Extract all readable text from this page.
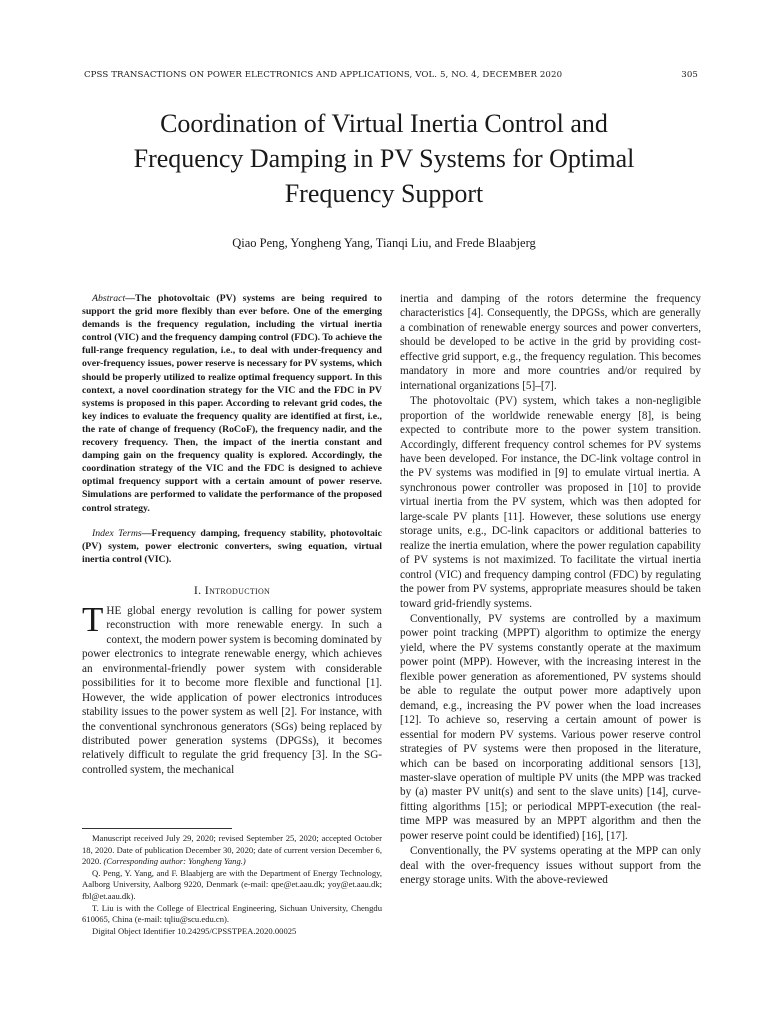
CPSS TRANSACTIONS ON POWER ELECTRONICS AND APPLICATIONS, VOL. 5, NO. 4, DECEMBER 2020	305
Coordination of Virtual Inertia Control and
Frequency Damping in PV Systems for Optimal
Frequency Support
Qiao Peng, Yongheng Yang, Tianqi Liu, and Frede Blaabjerg

Abstract—The photovoltaic (PV) systems are being required to support the grid more flexibly than ever before. One of the emerging demands is the frequency regulation, including the virtual inertia control (VIC) and the frequency damping control (FDC). To achieve the full-range frequency regulation, i.e., to deal with under-frequency and over-frequency issues, power reserve is necessary for PV systems, which should be properly utilized to realize optimal frequency support. In this context, a novel coordination strategy for the VIC and the FDC in PV systems is proposed in this paper. According to relevant grid codes, the key indices to evaluate the frequency quality are identified at first, i.e., the rate of change of frequency (RoCoF), the frequency nadir, and the recovery frequency. Then, the impact of the inertia constant and damping gain on the frequency quality is explored. Accordingly, the coordination strategy of the VIC and the FDC is designed to achieve optimal frequency support with a certain amount of power reserve. Simulations are performed to validate the performance of the proposed control strategy.

Index Terms—Frequency damping, frequency stability, photovoltaic (PV) system, power electronic converters, swing equation, virtual inertia control (VIC).

I. Introduction

THE global energy revolution is calling for power system reconstruction with more renewable energy. In such a context, the modern power system is becoming dominated by power electronics to integrate renewable energy, which achieves an environmental-friendly power system with considerable possibilities for it to become more flexible and functional [1]. However, the wide application of power electronics introduces stability issues to the power system as well [2]. For instance, with the conventional synchronous generators (SGs) being replaced by distributed power generation systems (DPGSs), it becomes relatively difficult to regulate the grid frequency [3]. In the SG-controlled system, the mechanical

Manuscript received July 29, 2020; revised September 25, 2020; accepted October 18, 2020. Date of publication December 30, 2020; date of current version December 6, 2020. (Corresponding author: Yongheng Yang.)

Q. Peng, Y. Yang, and F. Blaabjerg are with the Department of Energy Technology, Aalborg University, Aalborg 9220, Denmark (e-mail: qpe@et.aau.dk; yoy@et.aau.dk; fbl@et.aau.dk).

T. Liu is with the College of Electrical Engineering, Sichuan University, Chengdu 610065, China (e-mail: tqliu@scu.edu.cn).

Digital Object Identifier 10.24295/CPSSTPEA.2020.00025

inertia and damping of the rotors determine the frequency characteristics [4]. Consequently, the DPGSs, which are generally a combination of renewable energy sources and power converters, should be developed to be active in the grid by providing cost-effective grid support, e.g., the frequency regulation. This becomes mandatory in more and more countries and/or required by international organizations [5]–[7].

The photovoltaic (PV) system, which takes a non-negligible proportion of the worldwide renewable energy [8], is being expected to contribute more to the power system transition. Accordingly, different frequency control schemes for PV systems have been developed. For instance, the DC-link voltage control in the PV systems was modified in [9] to emulate virtual inertia. A synchronous power controller was proposed in [10] to provide virtual inertia from the PV system, which was then adopted for large-scale PV plants [11]. However, these solutions use energy storage units, e.g., DC-link capacitors or additional batteries to realize the inertia emulation, where the power regulation capability of PV systems is not maximized. To facilitate the virtual inertia control (VIC) and frequency damping control (FDC) by regulating the power from PV systems, appropriate measures should be taken toward grid-friendly systems.

Conventionally, PV systems are controlled by a maximum power point tracking (MPPT) algorithm to optimize the energy yield, where the PV systems constantly operate at the maximum power point (MPP). However, with the increasing interest in the flexible power generation as aforementioned, PV systems should be able to regulate the output power more adaptively upon demand, e.g., increasing the PV power when the load increases [12]. To achieve so, reserving a certain amount of power is essential for modern PV systems. Various power reserve control strategies of PV systems were then proposed in the literature, which can be based on incorporating additional sensors [13], master-slave operation of multiple PV units (the MPP was tracked by (a) master PV unit(s) and sent to the slave units) [14], curve-fitting algorithms [15]; or periodical MPPT-execution (the real-time MPP was measured by an MPPT algorithm and then the power reserve point could be identified) [16], [17].

Conventionally, the PV systems operating at the MPP can only deal with the over-frequency issues without support from the energy storage units. With the above-reviewed
